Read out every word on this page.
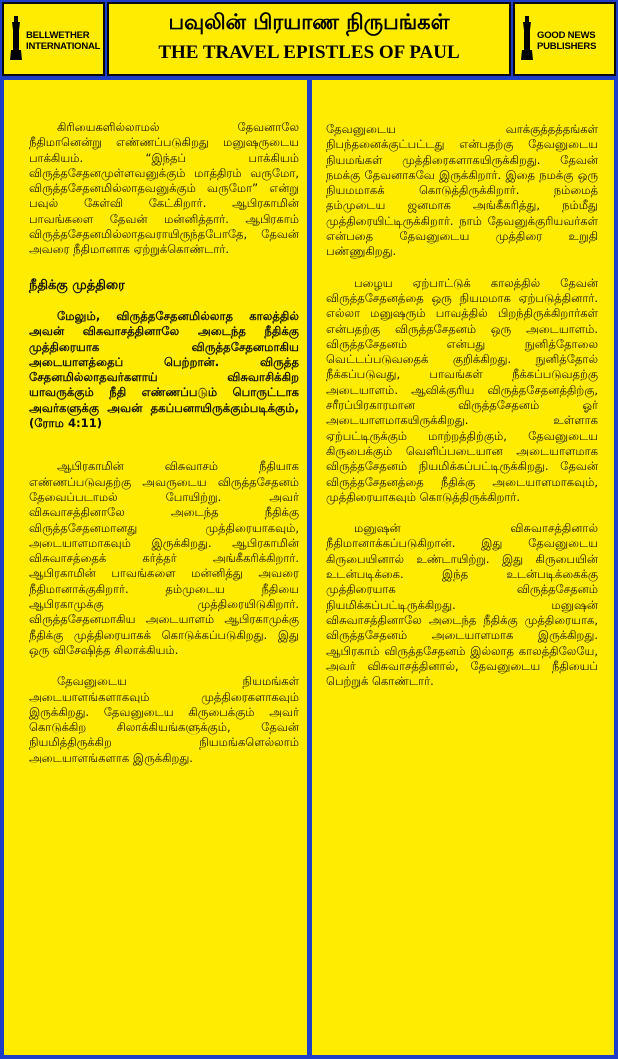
BELLWETHER
INTERNATIONAL
பவுலின் பிரயாண நிருபங்கள்
THE TRAVEL EPISTLES OF PAUL
GOOD NEWS
PUBLISHERS
கிரியைகளில்லாமல் தேவனாலே நீதிமானென்று எண்ணப்படுகிறது மனுஷருடைய பாக்கியம். “இந்தப் பாக்கியம் விருத்தசேதனமுள்ளவனுக்கும் மாத்திரம் வருமோ, விருத்தசேதனமில்லாதவனுக்கும் வருமோ” என்று பவுல் கேள்வி கேட்கிறார். ஆபிரகாமின் பாவங்களை தேவன் மன்னித்தார். ஆபிரகாம் விருத்தசேதனமில்லாதவராயிருந்தபோதே, தேவன் அவரை நீதிமானாக ஏற்றுக்கொண்டார்.
நீதிக்கு முத்திரை
மேலும், விருத்தசேதனமில்லாத காலத்தில் அவன் விசுவாசத்தினாலே அடைந்த நீதிக்கு முத்திரையாக விருத்தசேதனமாகிய அடையாளத்தைப் பெற்றான். விருத்த சேதனமில்லாதவர்களாய் விசுவாசிக்கிற யாவருக்கும் நீதி எண்ணப்படும் பொருட்டாக அவர்களுக்கு அவன் தகப்பனாயிருக்கும்படிக்கும், (ரோம 4:11)
ஆபிரகாமின் விசுவாசம் நீதியாக எண்ணப்படுவதற்கு அவருடைய விருத்தசேதனம் தேவைப்படாமல் போயிற்று. அவர் விசுவாசத்தினாலே அடைந்த நீதிக்கு விருத்தசேதனமானது முத்திரையாகவும், அடையாளமாகவும் இருக்கிறது. ஆபிரகாமின் விசுவாசத்தைக் கர்த்தர் அங்கீகரிக்கிறார். ஆபிரகாமின் பாவங்களை மன்னித்து அவரை நீதிமானாக்குகிறார். தம்முடைய நீதியை ஆபிரகாமுக்கு முத்திரையிடுகிறார். விருத்தசேதனமாகிய அடையாளம் ஆபிரகாமுக்கு நீதிக்கு முத்திரையாகக் கொடுக்கப்படுகிறது. இது ஒரு விசேஷித்த சிலாக்கியம்.
தேவனுடைய நியமங்கள் அடையாளங்களாகவும் முத்திரைகளாகவும் இருக்கிறது. தேவனுடைய கிருபைக்கும் அவர் கொடுக்கிற சிலாக்கியங்களுக்கும், தேவன் நியமித்திருக்கிற நியமங்களெல்லாம் அடையாளங்களாக இருக்கிறது.
தேவனுடைய வாக்குத்தத்தங்கள் நிபந்தனைக்குட்பட்டது என்பதற்கு தேவனுடைய நியமங்கள் முத்திரைகளாகயிருக்கிறது. தேவன் நமக்கு தேவனாகவே இருக்கிறார். இதை நமக்கு ஒரு நியமமாகக் கொடுத்திருக்கிறார். நம்மைத் தம்முடைய ஜனமாக அங்கீகரித்து, நம்மீது முத்திரையிட்டிருக்கிறார். நாம் தேவனுக்குரியவர்கள் என்பதை தேவனுடைய முத்திரை உறுதி பண்ணுகிறது.
பழைய ஏற்பாட்டுக் காலத்தில் தேவன் விருத்தசேதனத்தை ஒரு நியமமாக ஏற்படுத்தினார். எல்லா மனுஷரும் பாவத்தில் பிறந்திருக்கிறார்கள் என்பதற்கு விருத்தசேதனம் ஒரு அடையாளம். விருத்தசேதனம் என்பது நுனித்தோலை வெட்டப்படுவதைக் குறிக்கிறது. நுனித்தோல் நீக்கப்படுவது, பாவங்கள் நீக்கப்படுவதற்கு அடையாளம். ஆவிக்குரிய விருத்தசேதனத்திற்கு, சரீரப்பிரகாரமான விருத்தசேதனம் ஓர் அடையாளமாகயிருக்கிறது. உள்ளாக ஏற்பட்டிருக்கும் மாற்றத்திற்கும், தேவனுடைய கிருபைக்கும் வெளிப்படையான அடையாளமாக விருத்தசேதனம் நியமிக்கப்பட்டிருக்கிறது. தேவன் விருத்தசேதனத்தை நீதிக்கு அடையாளமாகவும், முத்திரையாகவும் கொடுத்திருக்கிறார்.
மனுஷன் விசுவாசத்தினால் நீதிமானாக்கப்படுகிறான். இது தேவனுடைய கிருபையினால் உண்டாயிற்று. இது கிருபையின் உடன்படிக்கை. இந்த உடன்படிக்கைக்கு முத்திரையாக விருத்தசேதனம் நியமிக்கப்பட்டிருக்கிறது. மனுஷன் விசுவாசத்தினாலே அடைந்த நீதிக்கு முத்திரையாக, விருத்தசேதனம் அடையாளமாக இருக்கிறது. ஆபிரகாம் விருத்தசேதனம் இல்லாத காலத்திலேயே, அவர் விசுவாசத்தினால், தேவனுடைய நீதியைப் பெற்றுக் கொண்டார்.
